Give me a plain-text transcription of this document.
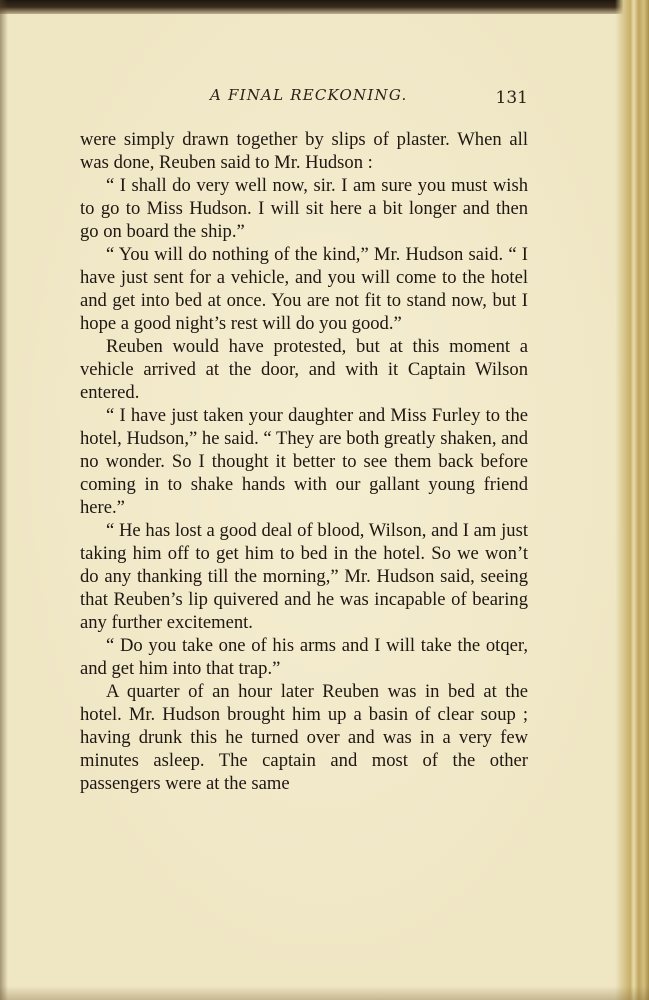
A FINAL RECKONING.	131

were simply drawn together by slips of plaster. When all was done, Reuben said to Mr. Hudson :

“ I shall do very well now, sir. I am sure you must wish to go to Miss Hudson. I will sit here a bit longer and then go on board the ship.”

“ You will do nothing of the kind,” Mr. Hudson said. “ I have just sent for a vehicle, and you will come to the hotel and get into bed at once. You are not fit to stand now, but I hope a good night’s rest will do you good.”

Reuben would have protested, but at this moment a vehicle arrived at the door, and with it Captain Wilson entered.

“ I have just taken your daughter and Miss Furley to the hotel, Hudson,” he said. “ They are both greatly shaken, and no wonder. So I thought it better to see them back before coming in to shake hands with our gallant young friend here.”

“ He has lost a good deal of blood, Wilson, and I am just taking him off to get him to bed in the hotel. So we won’t do any thanking till the morning,” Mr. Hudson said, seeing that Reuben’s lip quivered and he was incapable of bearing any further excitement.

“ Do you take one of his arms and I will take the otqer, and get him into that trap.”

A quarter of an hour later Reuben was in bed at the hotel. Mr. Hudson brought him up a basin of clear soup ; having drunk this he turned over and was in a very few minutes asleep. The captain and most of the other passengers were at the same
